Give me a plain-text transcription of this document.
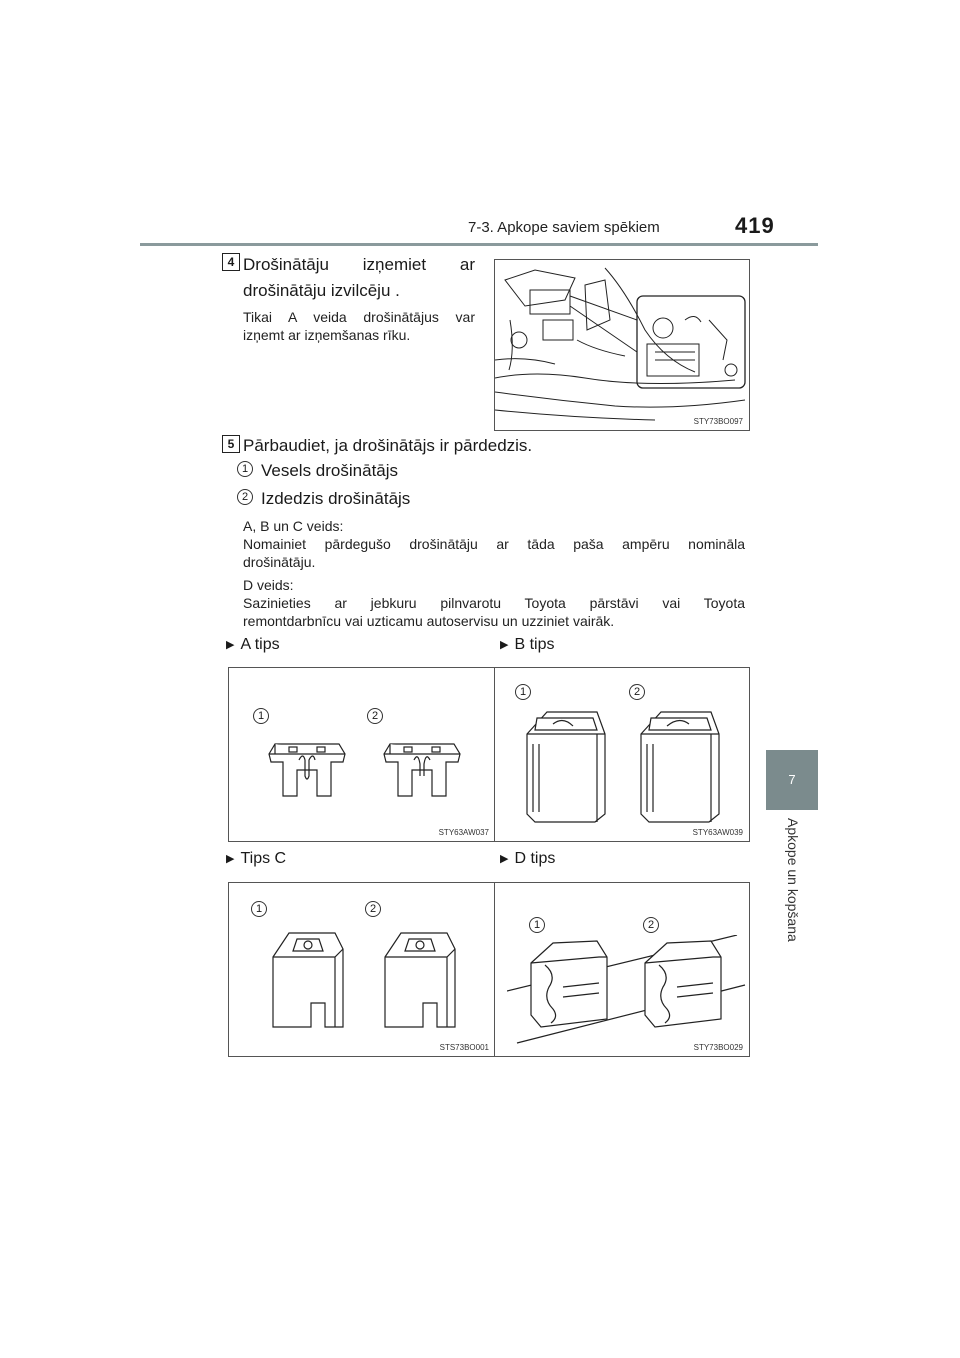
7-3. Apkope saviem spēkiem	419
7
Apkope un kopšana
4 Drošinātāju izņemiet ar
drošinātāju izvilcēju .
Tikai A veida drošinātājus var
izņemt ar izņemšanas rīku.
STY73BO097
5 Pārbaudiet, ja drošinātājs ir pārdedzis.
1 Vesels drošinātājs
2 Izdedzis drošinātājs
A, B un C veids:
Nomainiet pārdegušo drošinātāju ar tāda paša ampēru nomināla
drošinātāju.
D veids:
Sazinieties ar jebkuru pilnvarotu Toyota pārstāvi vai Toyota
remontdarbnīcu vai uzticamu autoservisu un uzziniet vairāk.
▶ A tips	▶ B tips
▶ Tips C	▶ D tips
1	2
STY63AW037
1	2
STY63AW039
1	2
STS73BO001
1	2
STY73BO029
